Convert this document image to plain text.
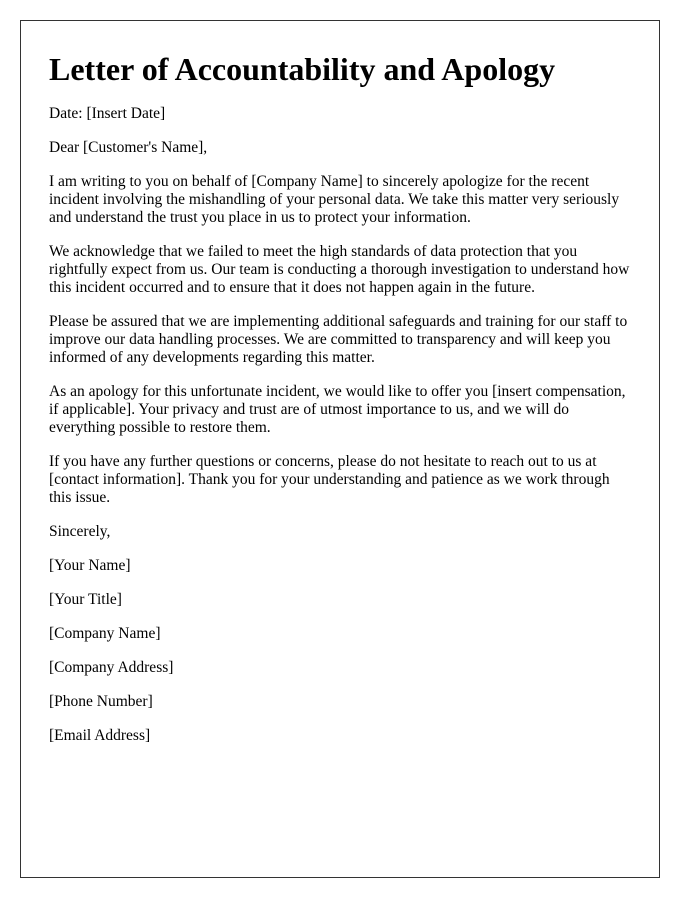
Letter of Accountability and Apology

Date: [Insert Date]

Dear [Customer's Name],

I am writing to you on behalf of [Company Name] to sincerely apologize for the recent incident involving the mishandling of your personal data. We take this matter very seriously and understand the trust you place in us to protect your information.

We acknowledge that we failed to meet the high standards of data protection that you rightfully expect from us. Our team is conducting a thorough investigation to understand how this incident occurred and to ensure that it does not happen again in the future.

Please be assured that we are implementing additional safeguards and training for our staff to improve our data handling processes. We are committed to transparency and will keep you informed of any developments regarding this matter.

As an apology for this unfortunate incident, we would like to offer you [insert compensation, if applicable]. Your privacy and trust are of utmost importance to us, and we will do everything possible to restore them.

If you have any further questions or concerns, please do not hesitate to reach out to us at [contact information]. Thank you for your understanding and patience as we work through this issue.

Sincerely,

[Your Name]

[Your Title]

[Company Name]

[Company Address]

[Phone Number]

[Email Address]
